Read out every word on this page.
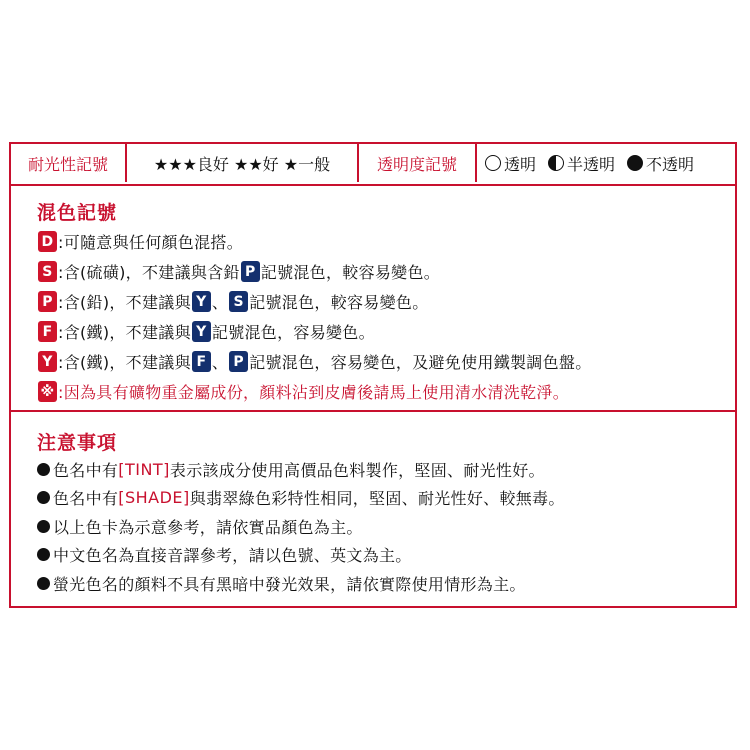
耐光性記號	★★★良好 ★★好 ★一般	透明度記號	透明 半透明 不透明
混色記號
D :可隨意與任何顏色混搭。
S :含(硫磺)，不建議與含鉛 P 記號混色，較容易變色。
P :含(鉛)，不建議與 Y 、 S 記號混色，較容易變色。
F :含(鐵)，不建議與 Y 記號混色，容易變色。
Y :含(鐵)，不建議與 F 、 P 記號混色，容易變色，及避免使用鐵製調色盤。
※ :因為具有礦物重金屬成份，顏料沾到皮膚後請馬上使用清水清洗乾淨。
注意事項
色名中有 [TINT] 表示該成分使用高價品色料製作，堅固、耐光性好。
色名中有 [SHADE] 與翡翠綠色彩特性相同，堅固、耐光性好、較無毒。
以上色卡為示意參考，請依實品顏色為主。
中文色名為直接音譯參考，請以色號、英文為主。
螢光色名的顏料不具有黑暗中發光效果，請依實際使用情形為主。
